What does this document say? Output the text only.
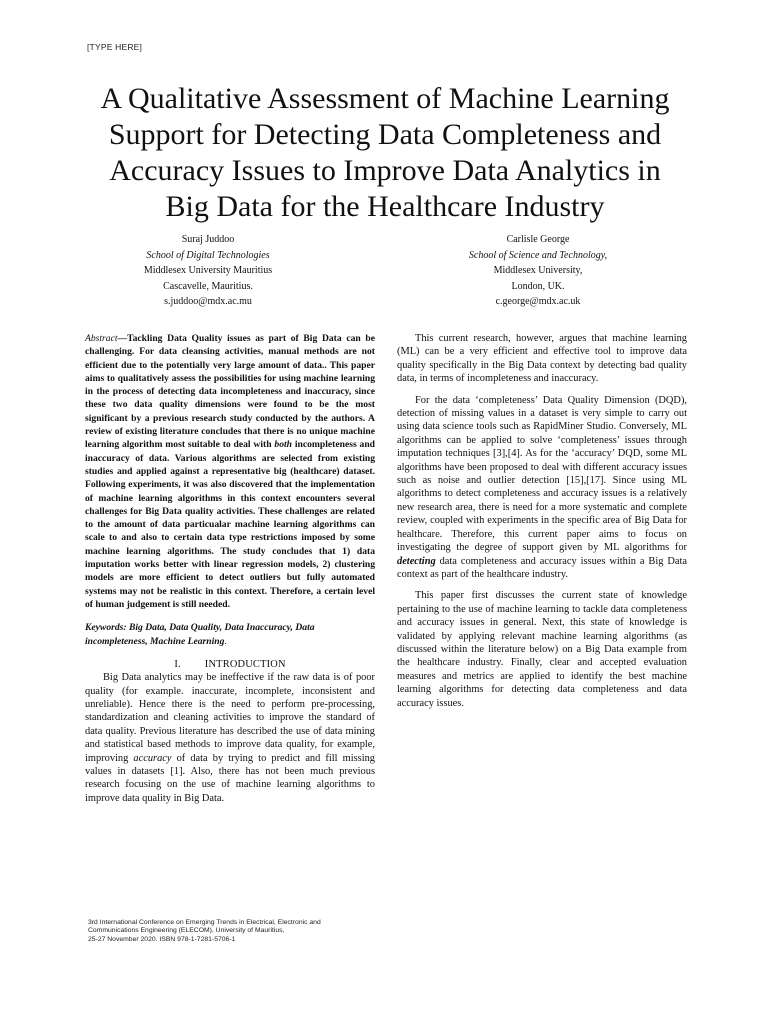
[TYPE HERE]
A Qualitative Assessment of Machine Learning
Support for Detecting Data Completeness and
Accuracy Issues to Improve Data Analytics in
Big Data for the Healthcare Industry
Suraj Juddoo
School of Digital Technologies
Middlesex University Mauritius
Cascavelle, Mauritius.
s.juddoo@mdx.ac.mu
Carlisle George
School of Science and Technology,
Middlesex University,
London, UK.
c.george@mdx.ac.uk

Abstract—Tackling Data Quality issues as part of Big Data can be challenging. For data cleansing activities, manual methods are not efficient due to the potentially very large amount of data.. This paper aims to qualitatively assess the possibilities for using machine learning in the process of detecting data incompleteness and inaccuracy, since these two data quality dimensions were found to be the most significant by a previous research study conducted by the authors. A review of existing literature concludes that there is no unique machine learning algorithm most suitable to deal with both incompleteness and inaccuracy of data. Various algorithms are selected from existing studies and applied against a representative big (healthcare) dataset. Following experiments, it was also discovered that the implementation of machine learning algorithms in this context encounters several challenges for Big Data quality activities. These challenges are related to the amount of data particualar machine learning algorithms can scale to and also to certain data type restrictions imposed by some machine learning algorithms. The study concludes that 1) data imputation works better with linear regression models, 2) clustering models are more efficient to detect outliers but fully automated systems may not be realistic in this context. Therefore, a certain level of human judgement is still needed.

Keywords: Big Data, Data Quality, Data Inaccuracy, Data incompleteness, Machine Learning.

I. INTRODUCTION

Big Data analytics may be ineffective if the raw data is of poor quality (for example. inaccurate, incomplete, inconsistent and unreliable). Hence there is the need to perform pre-processing, standardization and cleaning activities to improve the standard of data quality. Previous literature has described the use of data mining and statistical based methods to improve data quality, for example, improving accuracy of data by trying to predict and fill missing values in datasets [1]. Also, there has not been much previous research focusing on the use of machine learning algorithms to improve data quality in Big Data.

This current research, however, argues that machine learning (ML) can be a very efficient and effective tool to improve data quality specifically in the Big Data context by detecting bad quality data, in terms of incompleteness and inaccuracy.

For the data ‘completeness’ Data Quality Dimension (DQD), detection of missing values in a dataset is very simple to carry out using data science tools such as RapidMiner Studio. Conversely, ML algorithms can be applied to solve ‘completeness’ issues through imputation techniques [3],[4]. As for the ‘accuracy’ DQD, some ML algorithms have been proposed to deal with different accuracy issues such as noise and outlier detection [15],[17]. Since using ML algorithms to detect completeness and accuracy issues is a relatively new research area, there is need for a more systematic and complete review, coupled with experiments in the specific area of Big Data for healthcare. Therefore, this current paper aims to focus on investigating the degree of support given by ML algorithms for detecting data completeness and accuracy issues within a Big Data context as part of the healthcare industry.

This paper first discusses the current state of knowledge pertaining to the use of machine learning to tackle data completeness and accuracy issues in general. Next, this state of knowledge is validated by applying relevant machine learning algorithms (as discussed within the literature below) on a Big Data example from the healthcare industry. Finally, clear and accepted evaluation measures and metrics are applied to identify the best machine learning algorithms for detecting data completeness and data accuracy issues.

3rd International Conference on Emerging Trends in Electrical, Electronic and
Communications Engineering (ELECOM), University of Mauritius,
25-27 November 2020. ISBN 978-1-7281-5706-1
